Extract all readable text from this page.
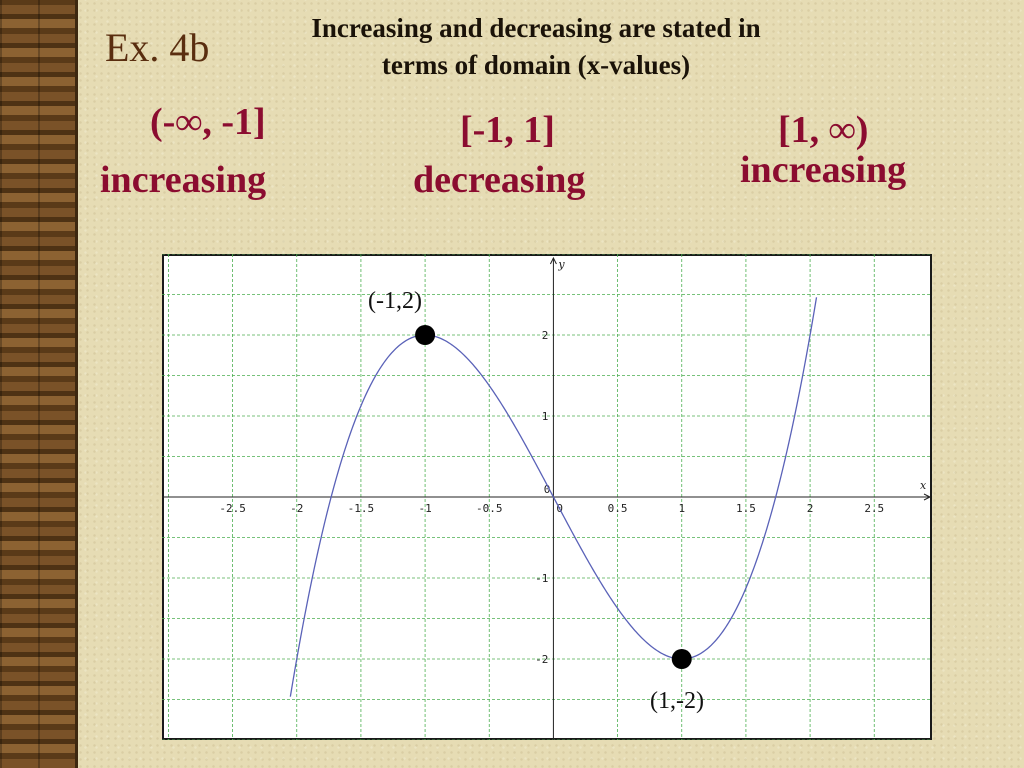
Ex. 4b	Increasing and decreasing are stated in
terms of domain (x-values)
(-∞, -1]
increasing
[-1, 1]
decreasing
[1, ∞)
increasing
x
y
-2.5	-2	-1.5	-1	-0.5	0	0.5	1	1.5	2	2.5
2
1
0
-1
-2
(-1,2)
(1,-2)
